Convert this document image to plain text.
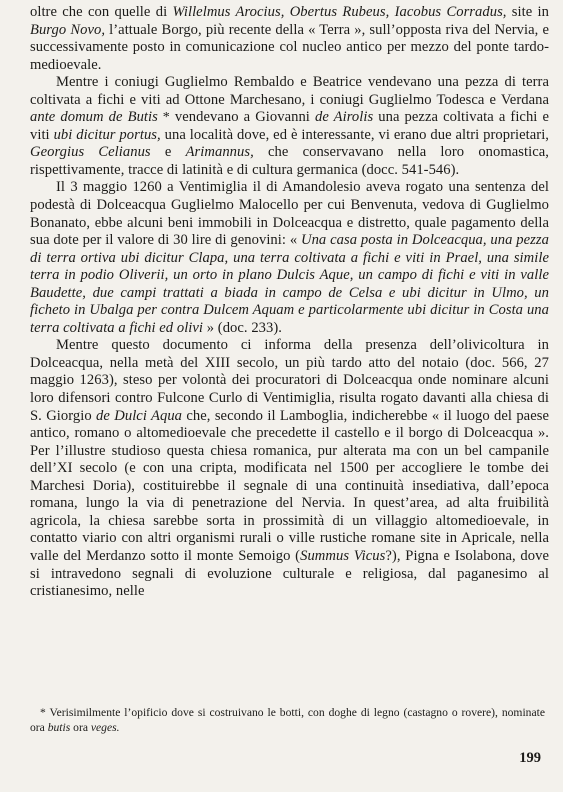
oltre che con quelle di Willelmus Arocius, Obertus Rubeus, Iacobus Corradus, site in Burgo Novo, l’attuale Borgo, più recente della « Terra », sull’opposta riva del Nervia, e successivamente posto in comunicazione col nucleo antico per mezzo del ponte tardo-medioevale.

Mentre i coniugi Guglielmo Rembaldo e Beatrice vendevano una pezza di terra coltivata a fichi e viti ad Ottone Marchesano, i coniugi Guglielmo Todesca e Verdana ante domum de Butis * vendevano a Giovanni de Airolis una pezza coltivata a fichi e viti ubi dicitur portus, una località dove, ed è interessante, vi erano due altri proprietari, Georgius Celianus e Arimannus, che conservavano nella loro onomastica, rispettivamente, tracce di latinità e di cultura germanica (docc. 541-546).

Il 3 maggio 1260 a Ventimiglia il di Amandolesio aveva rogato una sentenza del podestà di Dolceacqua Guglielmo Malocello per cui Benvenuta, vedova di Guglielmo Bonanato, ebbe alcuni beni immobili in Dolceacqua e distretto, quale pagamento della sua dote per il valore di 30 lire di genovini: « Una casa posta in Dolceacqua, una pezza di terra ortiva ubi dicitur Clapa, una terra coltivata a fichi e viti in Prael, una simile terra in podio Oliverii, un orto in plano Dulcis Aque, un campo di fichi e viti in valle Baudette, due campi trattati a biada in campo de Celsa e ubi dicitur in Ulmo, un ficheto in Ubalga per contra Dulcem Aquam e particolarmente ubi dicitur in Costa una terra coltivata a fichi ed olivi » (doc. 233).

Mentre questo documento ci informa della presenza dell’olivicoltura in Dolceacqua, nella metà del XIII secolo, un più tardo atto del notaio (doc. 566, 27 maggio 1263), steso per volontà dei procuratori di Dolceacqua onde nominare alcuni loro difensori contro Fulcone Curlo di Ventimiglia, risulta rogato davanti alla chiesa di S. Giorgio de Dulci Aqua che, secondo il Lamboglia, indicherebbe « il luogo del paese antico, romano o altomedioevale che precedette il castello e il borgo di Dolceacqua ». Per l’illustre studioso questa chiesa romanica, pur alterata ma con un bel campanile dell’XI secolo (e con una cripta, modificata nel 1500 per accogliere le tombe dei Marchesi Doria), costituirebbe il segnale di una continuità insediativa, dall’epoca romana, lungo la via di penetrazione del Nervia. In quest’area, ad alta fruibilità agricola, la chiesa sarebbe sorta in prossimità di un villaggio altomedioevale, in contatto viario con altri organismi rurali o ville rustiche romane site in Apricale, nella valle del Merdanzo sotto il monte Semoigo (Summus Vicus?), Pigna e Isolabona, dove si intravedono segnali di evoluzione culturale e religiosa, dal paganesimo al cristianesimo, nelle

* Verisimilmente l’opificio dove si costruivano le botti, con doghe di legno (castagno o rovere), nominate ora butis ora veges.
199
